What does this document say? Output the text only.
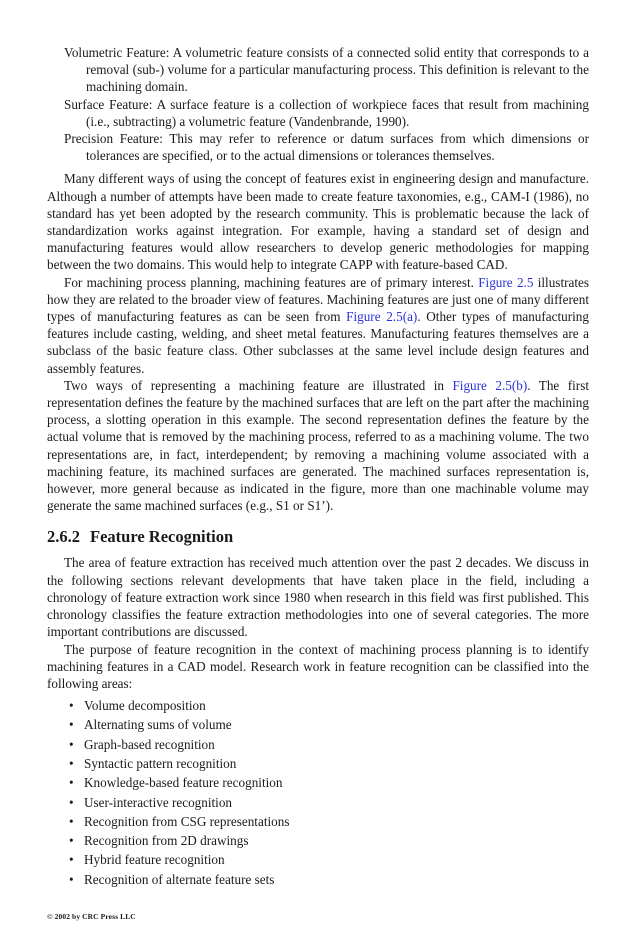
Volumetric Feature: A volumetric feature consists of a connected solid entity that corresponds to a removal (sub-) volume for a particular manufacturing process. This definition is relevant to the machining domain.

Surface Feature: A surface feature is a collection of workpiece faces that result from machining (i.e., subtracting) a volumetric feature (Vandenbrande, 1990).

Precision Feature: This may refer to reference or datum surfaces from which dimensions or tolerances are specified, or to the actual dimensions or tolerances themselves.

Many different ways of using the concept of features exist in engineering design and manufacture. Although a number of attempts have been made to create feature taxonomies, e.g., CAM-I (1986), no standard has yet been adopted by the research community. This is problematic because the lack of standardization works against integration. For example, having a standard set of design and manufacturing features would allow researchers to develop generic methodologies for mapping between the two domains. This would help to integrate CAPP with feature-based CAD.

For machining process planning, machining features are of primary interest. Figure 2.5 illustrates how they are related to the broader view of features. Machining features are just one of many different types of manufacturing features as can be seen from Figure 2.5(a). Other types of manufacturing features include casting, welding, and sheet metal features. Manufacturing features themselves are a subclass of the basic feature class. Other subclasses at the same level include design features and assembly features.

Two ways of representing a machining feature are illustrated in Figure 2.5(b). The first representation defines the feature by the machined surfaces that are left on the part after the machining process, a slotting operation in this example. The second representation defines the feature by the actual volume that is removed by the machining process, referred to as a machining volume. The two representations are, in fact, interdependent; by removing a machining volume associated with a machining feature, its machined surfaces are generated. The machined surfaces representation is, however, more general because as indicated in the figure, more than one machinable volume may generate the same machined surfaces (e.g., S1 or S1’).

2.6.2 Feature Recognition

The area of feature extraction has received much attention over the past 2 decades. We discuss in the following sections relevant developments that have taken place in the field, including a chronology of feature extraction work since 1980 when research in this field was first published. This chronology classifies the feature extraction methodologies into one of several categories. The more important contributions are discussed.

The purpose of feature recognition in the context of machining process planning is to identify machining features in a CAD model. Research work in feature recognition can be classified into the following areas:

• Volume decomposition
• Alternating sums of volume
• Graph-based recognition
• Syntactic pattern recognition
• Knowledge-based feature recognition
• User-interactive recognition
• Recognition from CSG representations
• Recognition from 2D drawings
• Hybrid feature recognition
• Recognition of alternate feature sets
© 2002 by CRC Press LLC
